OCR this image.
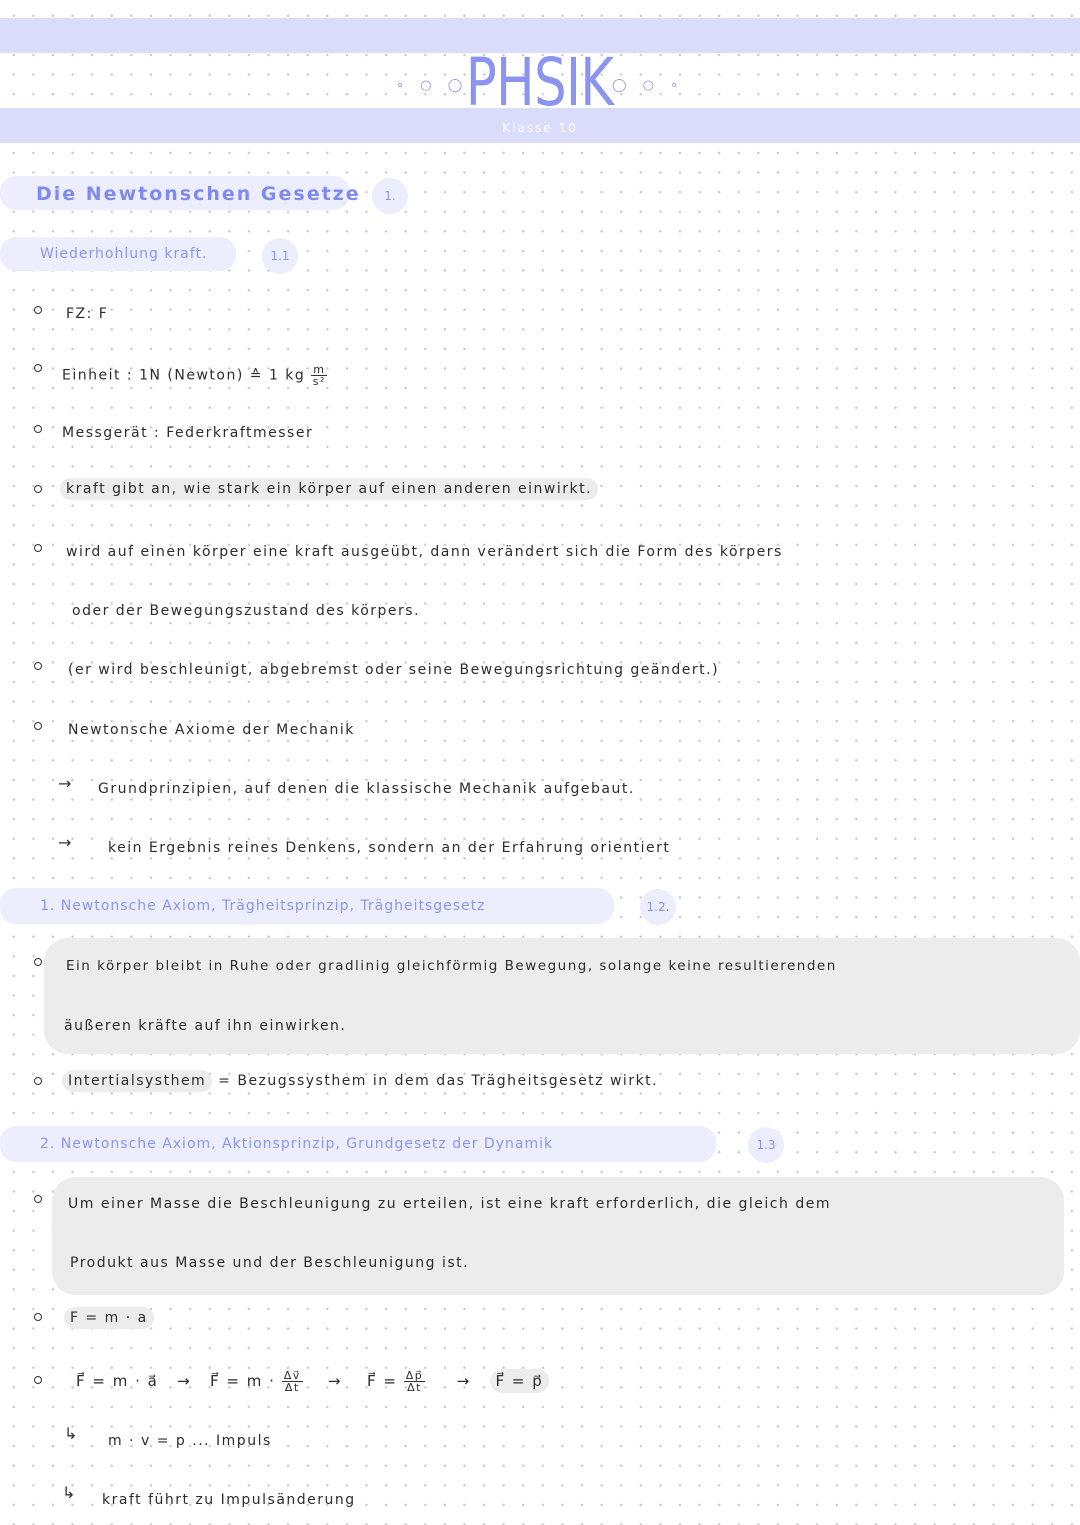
∘ ○ ◯	◯ ○ ∘
PHSIK
Klasse 10
Die Newtonschen Gesetze	1.
Wiederhohlung kraft.	1.1
FZ: F
Einheit : 1N (Newton) ≙ 1 kg $\frac{m}{\text{s²}}$
Messgerät : Federkraftmesser
kraft gibt an, wie stark ein körper auf einen anderen einwirkt.
wird auf einen körper eine kraft ausgeübt, dann verändert sich die Form des körpers
oder der Bewegungszustand des körpers.
(er wird beschleunigt, abgebremst oder seine Bewegungsrichtung geändert.)
Newtonsche Axiome der Mechanik
→ Grundprinzipien, auf denen die klassische Mechanik aufgebaut.
→	kein Ergebnis reines Denkens, sondern an der Erfahrung orientiert
1. Newtonsche Axiom, Trägheitsprinzip, Trägheitsgesetz	1.2.
Ein körper bleibt in Ruhe oder gradlinig gleichförmig Bewegung, solange keine resultierenden
äußeren kräfte auf ihn einwirken.
Intertialsysthem = Bezugssysthem in dem das Trägheitsgesetz wirkt.
2. Newtonsche Axiom, Aktionsprinzip, Grundgesetz der Dynamik	1.3
Um einer Masse die Beschleunigung zu erteilen, ist eine kraft erforderlich, die gleich dem
Produkt aus Masse und der Beschleunigung ist.
F = m · a
F⃗ = m · a⃗ → F⃗ = $m \cdot \frac{\Delta v⃗}{\Delta t}$ → F⃗ = $\frac{\Delta p⃗}{\Delta t}$ → F⃗ = p⃗
↳ m · v = p ... Impuls
↳ kraft führt zu Impulsänderung
